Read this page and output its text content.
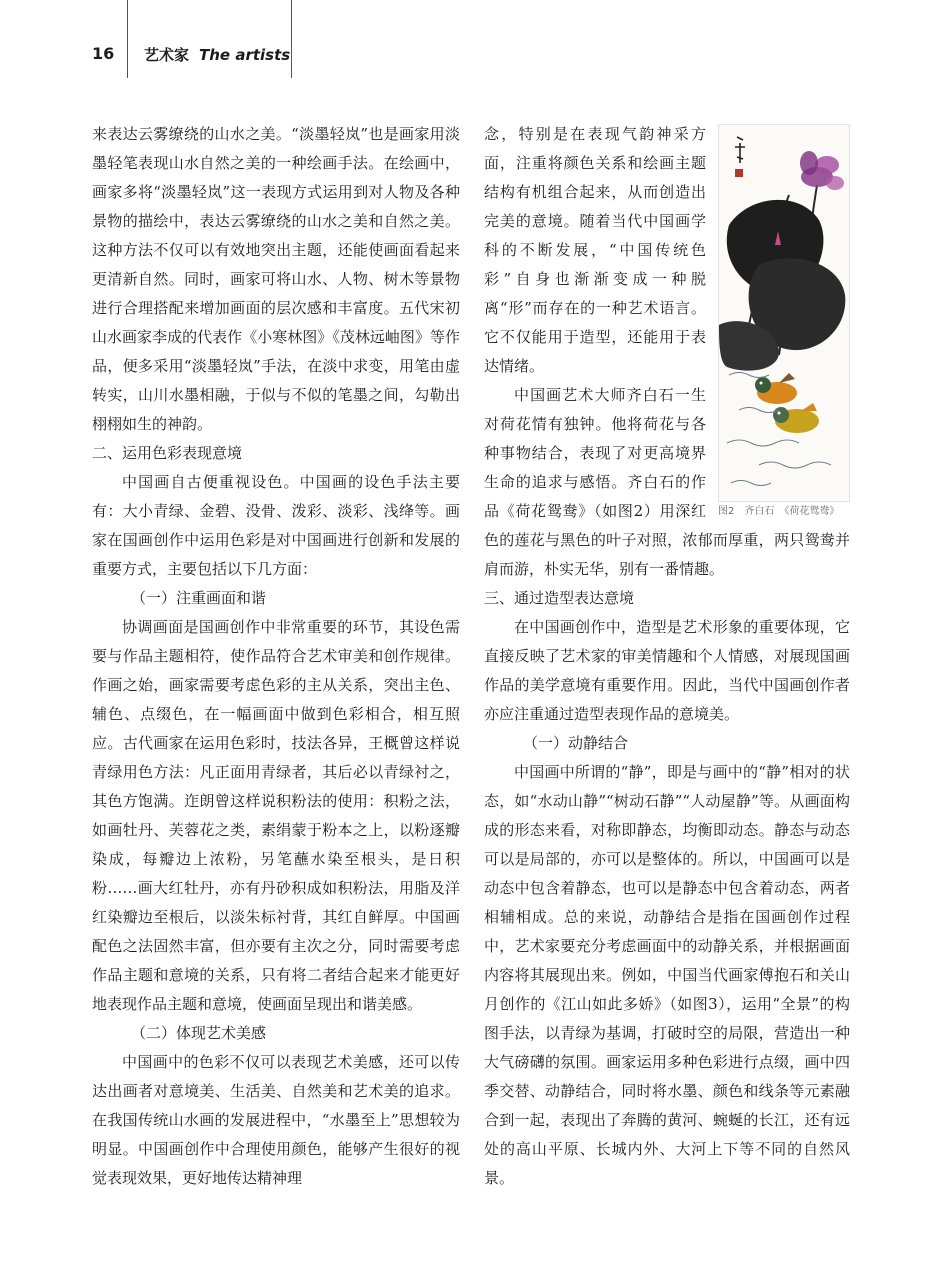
16 艺术家 The artists

来表达云雾缭绕的山水之美。“淡墨轻岚”也是画家用淡墨轻笔表现山水自然之美的一种绘画手法。在绘画中，画家多将“淡墨轻岚”这一表现方式运用到对人物及各种景物的描绘中，表达云雾缭绕的山水之美和自然之美。这种方法不仅可以有效地突出主题，还能使画面看起来更清新自然。同时，画家可将山水、人物、树木等景物进行合理搭配来增加画面的层次感和丰富度。五代宋初山水画家李成的代表作《小寒林图》《茂林远岫图》等作品，便多采用“淡墨轻岚”手法，在淡中求变，用笔由虚转实，山川水墨相融，于似与不似的笔墨之间，勾勒出栩栩如生的神韵。

二、运用色彩表现意境

中国画自古便重视设色。中国画的设色手法主要有：大小青绿、金碧、没骨、泼彩、淡彩、浅绛等。画家在国画创作中运用色彩是对中国画进行创新和发展的重要方式，主要包括以下几方面：

（一）注重画面和谐

协调画面是国画创作中非常重要的环节，其设色需要与作品主题相符，使作品符合艺术审美和创作规律。作画之始，画家需要考虑色彩的主从关系，突出主色、辅色、点缀色，在一幅画面中做到色彩相合，相互照应。古代画家在运用色彩时，技法各异，王概曾这样说青绿用色方法：凡正面用青绿者，其后必以青绿衬之，其色方饱满。迮朗曾这样说积粉法的使用：积粉之法，如画牡丹、芙蓉花之类，素绢蒙于粉本之上，以粉逐瓣染成，每瓣边上浓粉，另笔蘸水染至根头，是日积粉……画大红牡丹，亦有丹砂积成如积粉法，用脂及洋红染瓣边至根后，以淡朱标衬背，其红自鲜厚。中国画配色之法固然丰富，但亦要有主次之分，同时需要考虑作品主题和意境的关系，只有将二者结合起来才能更好地表现作品主题和意境，使画面呈现出和谐美感。

（二）体现艺术美感

中国画中的色彩不仅可以表现艺术美感，还可以传达出画者对意境美、生活美、自然美和艺术美的追求。在我国传统山水画的发展进程中，“水墨至上”思想较为明显。中国画创作中合理使用颜色，能够产生很好的视觉表现效果，更好地传达精神理

图2　齐白石　《荷花鸳鸯》

念，特别是在表现气韵神采方面，注重将颜色关系和绘画主题结构有机组合起来，从而创造出完美的意境。随着当代中国画学科的不断发展，“中国传统色彩”自身也渐渐变成一种脱离“形”而存在的一种艺术语言。它不仅能用于造型，还能用于表达情绪。

中国画艺术大师齐白石一生对荷花情有独钟。他将荷花与各种事物结合，表现了对更高境界生命的追求与感悟。齐白石的作品《荷花鸳鸯》（如图2）用深红色的莲花与黑色的叶子对照，浓郁而厚重，两只鸳鸯并肩而游，朴实无华，别有一番情趣。

三、通过造型表达意境

在中国画创作中，造型是艺术形象的重要体现，它直接反映了艺术家的审美情趣和个人情感，对展现国画作品的美学意境有重要作用。因此，当代中国画创作者亦应注重通过造型表现作品的意境美。

（一）动静结合

中国画中所谓的“静”，即是与画中的“静”相对的状态，如“水动山静”“树动石静”“人动屋静”等。从画面构成的形态来看，对称即静态，均衡即动态。静态与动态可以是局部的，亦可以是整体的。所以，中国画可以是动态中包含着静态，也可以是静态中包含着动态，两者相辅相成。总的来说，动静结合是指在国画创作过程中，艺术家要充分考虑画面中的动静关系，并根据画面内容将其展现出来。例如，中国当代画家傅抱石和关山月创作的《江山如此多娇》（如图3），运用“全景”的构图手法，以青绿为基调，打破时空的局限，营造出一种大气磅礴的氛围。画家运用多种色彩进行点缀，画中四季交替、动静结合，同时将水墨、颜色和线条等元素融合到一起，表现出了奔腾的黄河、蜿蜒的长江，还有远处的高山平原、长城内外、大河上下等不同的自然风景。
